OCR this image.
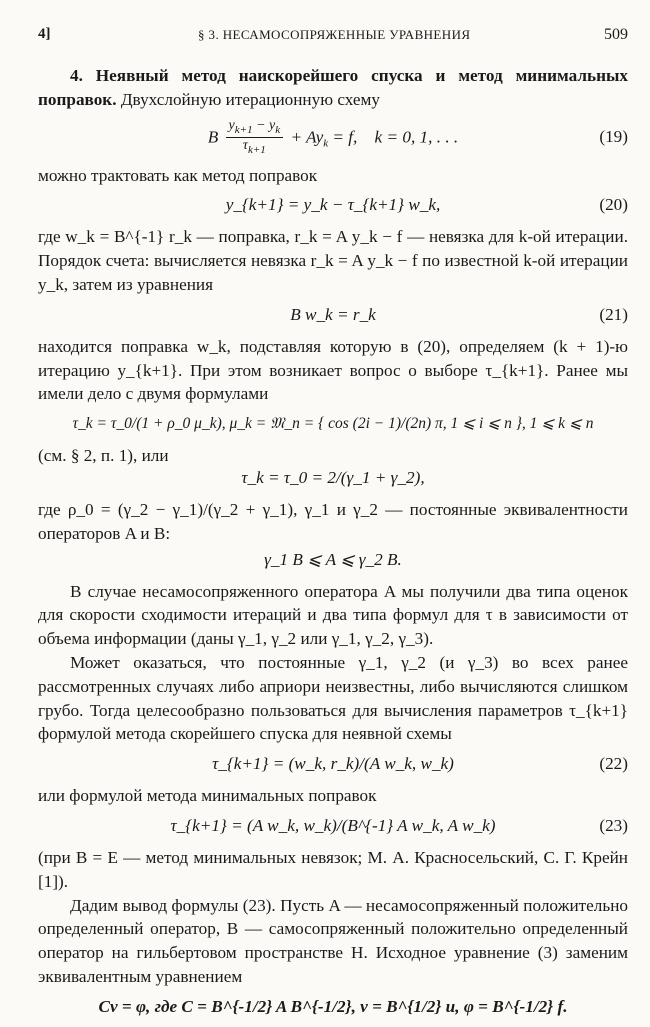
4]	§ 3. НЕСАМОСОПРЯЖЕННЫЕ УРАВНЕНИЯ	509

4. Неявный метод наискорейшего спуска и метод минимальных поправок. Двухслойную итерационную схему

B $\frac{y_{k+1} - y_k}{\tau_{k+1}} + Ay_k = f$,    k = 0, 1, . . .	(19)

можно трактовать как метод поправок

y_{k+1} = y_k − τ_{k+1} w_k,	(20)

где w_k = B^{-1} r_k — поправка, r_k = A y_k − f — невязка для k-ой итерации. Порядок счета: вычисляется невязка r_k = A y_k − f по известной k-ой итерации y_k, затем из уравнения

B w_k = r_k	(21)

находится поправка w_k, подставляя которую в (20), определяем (k + 1)-ю итерацию y_{k+1}. При этом возникает вопрос о выборе τ_{k+1}. Ранее мы имели дело с двумя формулами

τ_k = τ_0/(1 + ρ_0 μ_k), μ_k = 𝔐_n = { cos (2i − 1)/(2n) π, 1 ⩽ i ⩽ n }, 1 ⩽ k ⩽ n

(см. § 2, п. 1), или

τ_k = τ_0 = 2/(γ_1 + γ_2),

где ρ_0 = (γ_2 − γ_1)/(γ_2 + γ_1), γ_1 и γ_2 — постоянные эквивалентности операторов A и B:

γ_1 B ⩽ A ⩽ γ_2 B.

В случае несамосопряженного оператора A мы получили два типа оценок для скорости сходимости итераций и два типа формул для τ в зависимости от объема информации (даны γ_1, γ_2 или γ_1, γ_2, γ_3).

Может оказаться, что постоянные γ_1, γ_2 (и γ_3) во всех ранее рассмотренных случаях либо априори неизвестны, либо вычисляются слишком грубо. Тогда целесообразно пользоваться для вычисления параметров τ_{k+1} формулой метода скорейшего спуска для неявной схемы

τ_{k+1} = (w_k, r_k)/(A w_k, w_k)	(22)

или формулой метода минимальных поправок

τ_{k+1} = (A w_k, w_k)/(B^{-1} A w_k, A w_k)	(23)

(при B = E — метод минимальных невязок; М. А. Красносельский, С. Г. Крейн [1]).

Дадим вывод формулы (23). Пусть A — несамосопряженный положительно определенный оператор, B — самосопряженный положительно определенный оператор на гильбертовом пространстве H. Исходное уравнение (3) заменим эквивалентным уравнением

Cv = φ, где C = B^{-1/2} A B^{-1/2}, v = B^{1/2} u, φ = B^{-1/2} f.
